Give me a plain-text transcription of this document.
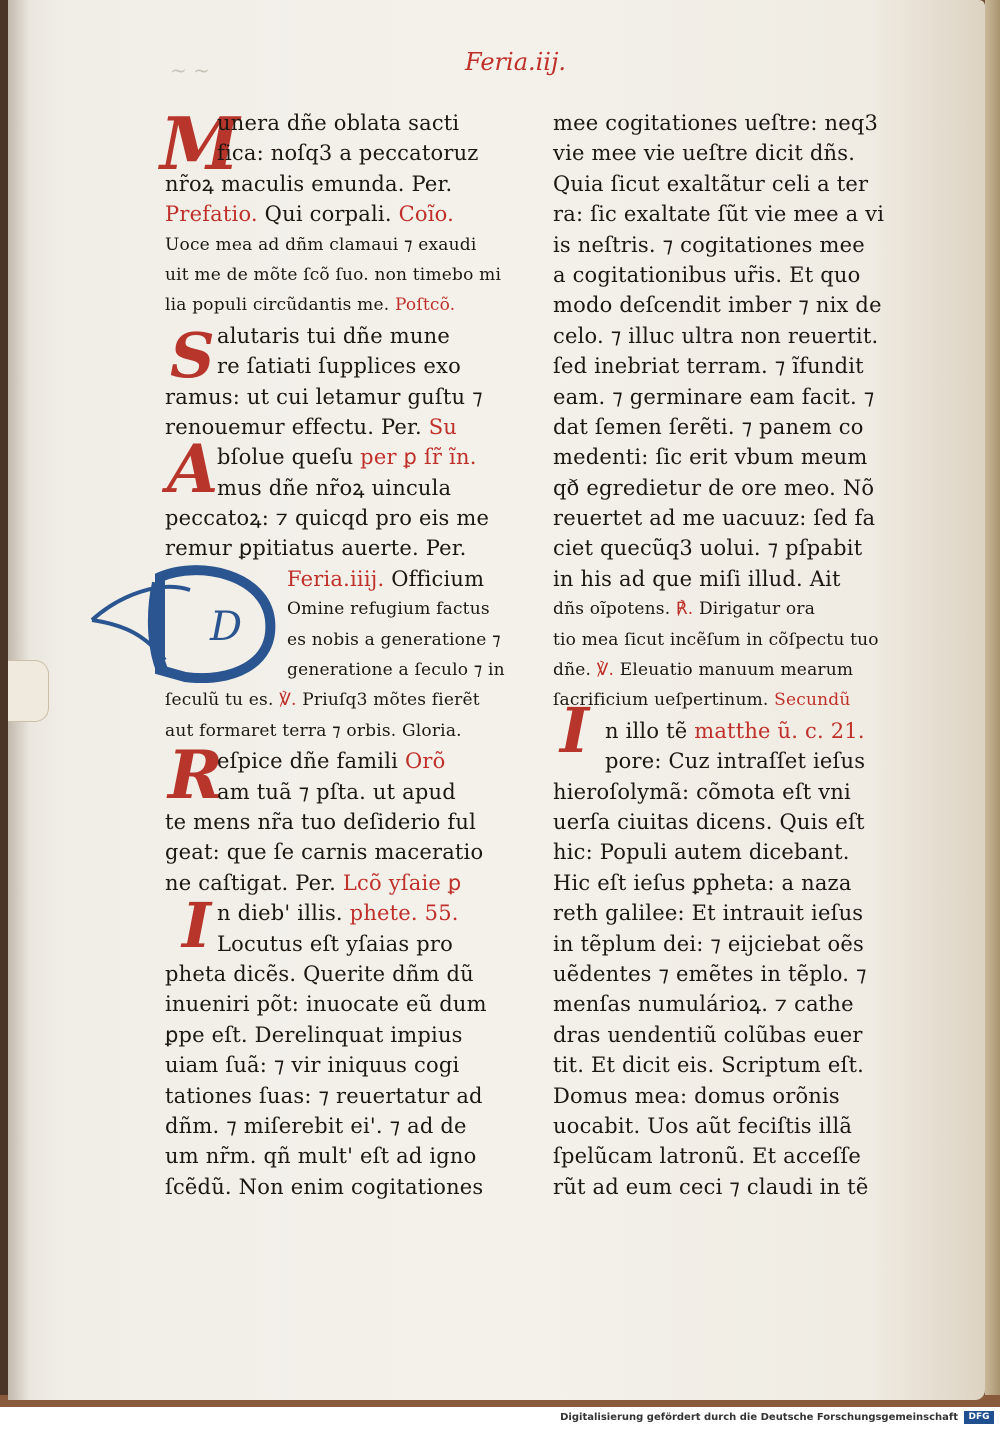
~ ~	Feria.iij.
M
S
A
R
I
I
D
unera dñe oblata sacti
fica: noſq3 a peccatoruz
nr̃oꝝ maculis emunda. Per.
Prefatio. Qui corpali. Coĩo.
Uoce mea ad dñm clamaui ⁊ exaudi
uit me de mõte ſcõ ſuo. non timebo mi
lia populi circũdantis me. Poſtcõ.
alutaris tui dñe mune
re ſatiati ſupplices exo
ramus: ut cui letamur guſtu ⁊
renouemur effectu. Per. Su
bſolue queſu per ꝑ ſr̃ ĩn.
mus dñe nr̃oꝝ uincula
peccatoꝝ: ⁊ quicqd pro eis me
remur ꝑpitiatus auerte. Per.
Feria.iiij. Officium
Omine refugium factus
es nobis a generatione ⁊
generatione a ſeculo ⁊ in
ſeculũ tu es. ℣. Priuſq3 mõtes fierẽt
aut formaret terra ⁊ orbis. Gloria.
eſpice dñe famili Orõ
am tuã ⁊ pſta. ut apud
te mens nr̃a tuo deſiderio ful
geat: que ſe carnis maceratio
ne caſtigat. Per. Lcõ yſaie ꝑ
n dieb' illis. phete. 55.
Locutus eſt yſaias pro
pheta dicẽs. Querite dñm dũ
inueniri põt: inuocate eũ dum
ꝑpe eſt. Derelinquat impius
uiam ſuã: ⁊ vir iniquus cogi
tationes ſuas: ⁊ reuertatur ad
dñm. ⁊ miſerebit ei'. ⁊ ad de
um nr̃m. qñ mult' eſt ad igno
ſcẽdũ. Non enim cogitationes
mee cogitationes ueſtre: neq3
vie mee vie ueſtre dicit dñs.
Quia ſicut exaltãtur celi a ter
ra: ſic exaltate ſũt vie mee a vi
is neſtris. ⁊ cogitationes mee
a cogitationibus ur̃is. Et quo
modo deſcendit imber ⁊ nix de
celo. ⁊ illuc ultra non reuertit.
ſed inebriat terram. ⁊ ĩfundit
eam. ⁊ germinare eam facit. ⁊
dat ſemen ſerẽti. ⁊ panem co
medenti: ſic erit vbum meum
qð egredietur de ore meo. Nõ
reuertet ad me uacuuz: ſed fa
ciet quecũq3 uolui. ⁊ pſpabit
in his ad que miſi illud. Ait
dñs oĩpotens. ℟. Dirigatur ora
tio mea ſicut incẽſum in cõſpectu tuo
dñe. ℣. Eleuatio manuum mearum
ſacrificium ueſpertinum. Secundũ
n illo tẽ matthe ũ. c. 21.
pore: Cuz intraſſet ieſus
hieroſolymã: cõmota eſt vni
uerſa ciuitas dicens. Quis eſt
hic: Populi autem dicebant.
Hic eſt ieſus ꝑpheta: a naza
reth galilee: Et intrauit ieſus
in tẽplum dei: ⁊ eijciebat oẽs
uẽdentes ⁊ emẽtes in tẽplo. ⁊
menſas numulárioꝝ. ⁊ cathe
dras uendentiũ colũbas euer
tit. Et dicit eis. Scriptum eſt.
Domus mea: domus orõnis
uocabit. Uos aũt feciſtis illã
ſpelũcam latronũ. Et acceſſe
rũt ad eum ceci ⁊ claudi in tẽ
Digitalisierung gefördert durch die Deutsche Forschungsgemeinschaft	DFG
